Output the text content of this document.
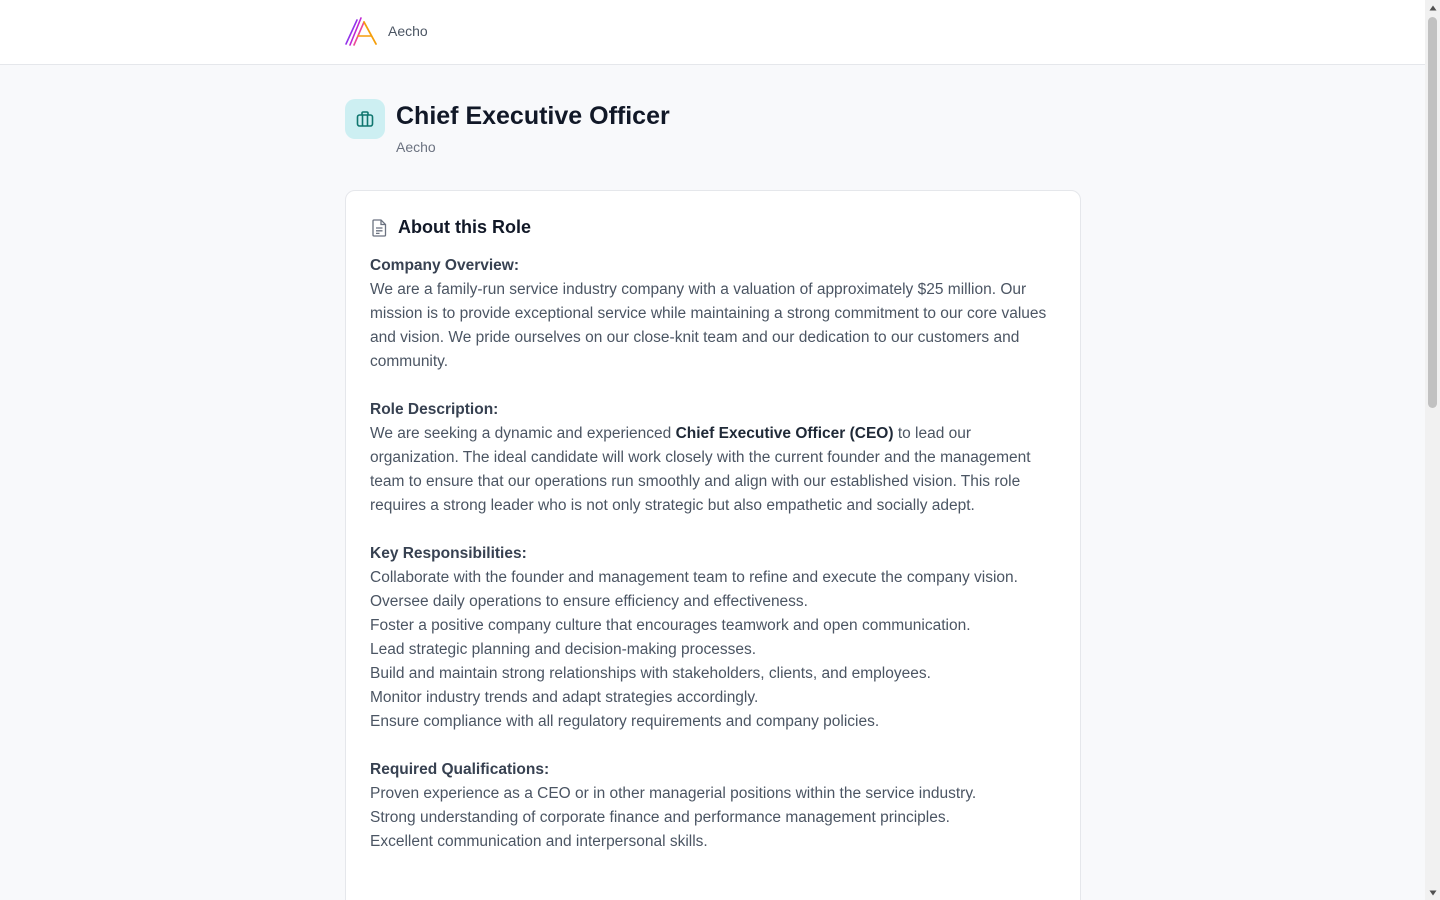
Aecho
Chief Executive Officer
Aecho
About this Role
Company Overview:
We are a family-run service industry company with a valuation of approximately $25 million. Our mission is to provide exceptional service while maintaining a strong commitment to our core values and vision. We pride ourselves on our close-knit team and our dedication to our customers and community.
Role Description:
We are seeking a dynamic and experienced Chief Executive Officer (CEO) to lead our organization. The ideal candidate will work closely with the current founder and the management team to ensure that our operations run smoothly and align with our established vision. This role requires a strong leader who is not only strategic but also empathetic and socially adept.
Key Responsibilities:
Collaborate with the founder and management team to refine and execute the company vision.
Oversee daily operations to ensure efficiency and effectiveness.
Foster a positive company culture that encourages teamwork and open communication.
Lead strategic planning and decision-making processes.
Build and maintain strong relationships with stakeholders, clients, and employees.
Monitor industry trends and adapt strategies accordingly.
Ensure compliance with all regulatory requirements and company policies.
Required Qualifications:
Proven experience as a CEO or in other managerial positions within the service industry.
Strong understanding of corporate finance and performance management principles.
Excellent communication and interpersonal skills.
